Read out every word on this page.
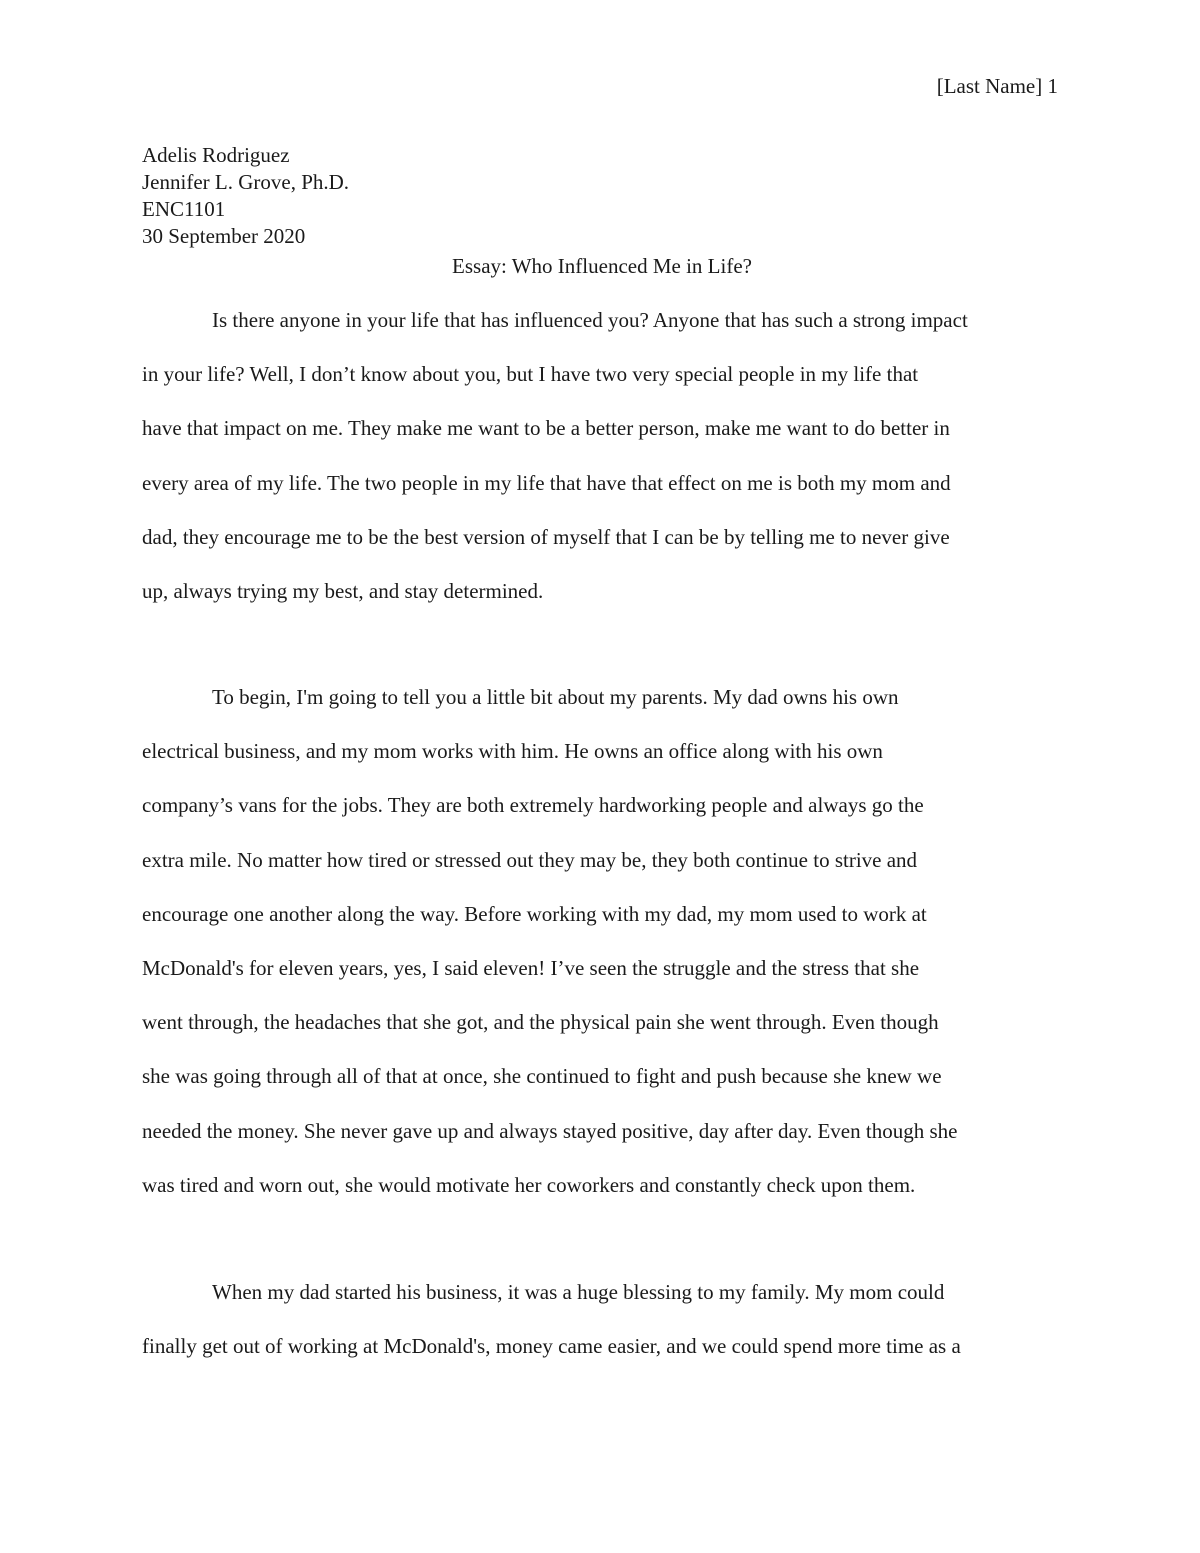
[Last Name] 1
Adelis Rodriguez
Jennifer L. Grove, Ph.D.
ENC1101
30 September 2020
Essay: Who Influenced Me in Life?
Is there anyone in your life that has influenced you? Anyone that has such a strong impact
in your life? Well, I don’t know about you, but I have two very special people in my life that
have that impact on me. They make me want to be a better person, make me want to do better in
every area of my life. The two people in my life that have that effect on me is both my mom and
dad, they encourage me to be the best version of myself that I can be by telling me to never give
up, always trying my best, and stay determined.
To begin, I'm going to tell you a little bit about my parents. My dad owns his own
electrical business, and my mom works with him. He owns an office along with his own
company’s vans for the jobs. They are both extremely hardworking people and always go the
extra mile. No matter how tired or stressed out they may be, they both continue to strive and
encourage one another along the way. Before working with my dad, my mom used to work at
McDonald's for eleven years, yes, I said eleven! I’ve seen the struggle and the stress that she
went through, the headaches that she got, and the physical pain she went through. Even though
she was going through all of that at once, she continued to fight and push because she knew we
needed the money. She never gave up and always stayed positive, day after day. Even though she
was tired and worn out, she would motivate her coworkers and constantly check upon them.
When my dad started his business, it was a huge blessing to my family. My mom could
finally get out of working at McDonald's, money came easier, and we could spend more time as a
